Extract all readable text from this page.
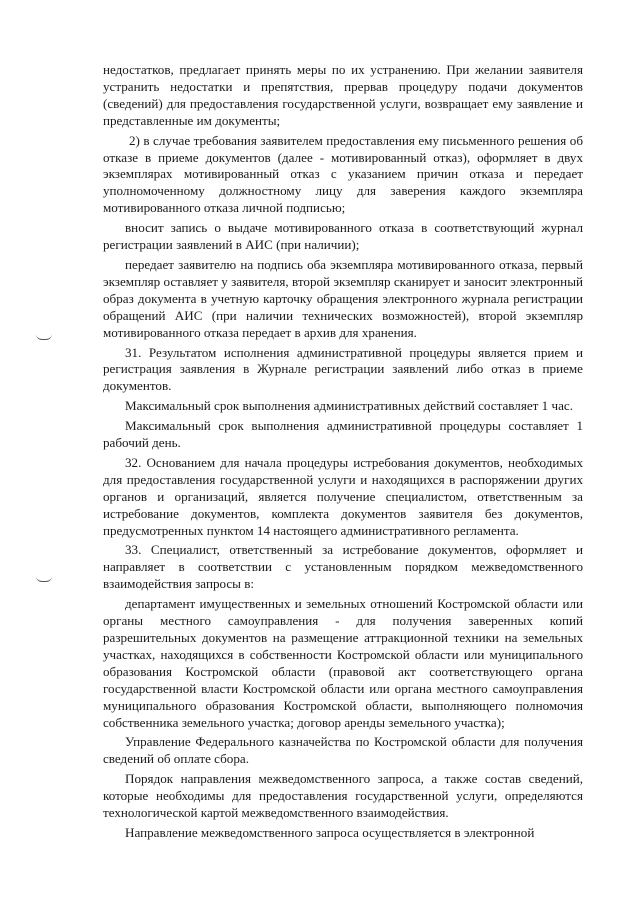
недостатков, предлагает принять меры по их устранению. При желании заявителя устранить недостатки и препятствия, прервав процедуру подачи документов (сведений) для предоставления государственной услуги, возвращает ему заявление и представленные им документы;

2) в случае требования заявителем предоставления ему письменного решения об отказе в приеме документов (далее - мотивированный отказ), оформляет в двух экземплярах мотивированный отказ с указанием причин отказа и передает уполномоченному должностному лицу для заверения каждого экземпляра мотивированного отказа личной подписью;

вносит запись о выдаче мотивированного отказа в соответствующий журнал регистрации заявлений в АИС (при наличии);

передает заявителю на подпись оба экземпляра мотивированного отказа, первый экземпляр оставляет у заявителя, второй экземпляр сканирует и заносит электронный образ документа в учетную карточку обращения электронного журнала регистрации обращений АИС (при наличии технических возможностей), второй экземпляр мотивированного отказа передает в архив для хранения.

31. Результатом исполнения административной процедуры является прием и регистрация заявления в Журнале регистрации заявлений либо отказ в приеме документов.

Максимальный срок выполнения административных действий составляет 1 час.

Максимальный срок выполнения административной процедуры составляет 1 рабочий день.

32. Основанием для начала процедуры истребования документов, необходимых для предоставления государственной услуги и находящихся в распоряжении других органов и организаций, является получение специалистом, ответственным за истребование документов, комплекта документов заявителя без документов, предусмотренных пунктом 14 настоящего административного регламента.

33. Специалист, ответственный за истребование документов, оформляет и направляет в соответствии с установленным порядком межведомственного взаимодействия запросы в:

департамент имущественных и земельных отношений Костромской области или органы местного самоуправления - для получения заверенных копий разрешительных документов на размещение аттракционной техники на земельных участках, находящихся в собственности Костромской области или муниципального образования Костромской области (правовой акт соответствующего органа государственной власти Костромской области или органа местного самоуправления муниципального образования Костромской области, выполняющего полномочия собственника земельного участка; договор аренды земельного участка);

Управление Федерального казначейства по Костромской области для получения сведений об оплате сбора.

Порядок направления межведомственного запроса, а также состав сведений, которые необходимы для предоставления государственной услуги, определяются технологической картой межведомственного взаимодействия.

Направление межведомственного запроса осуществляется в электронной
